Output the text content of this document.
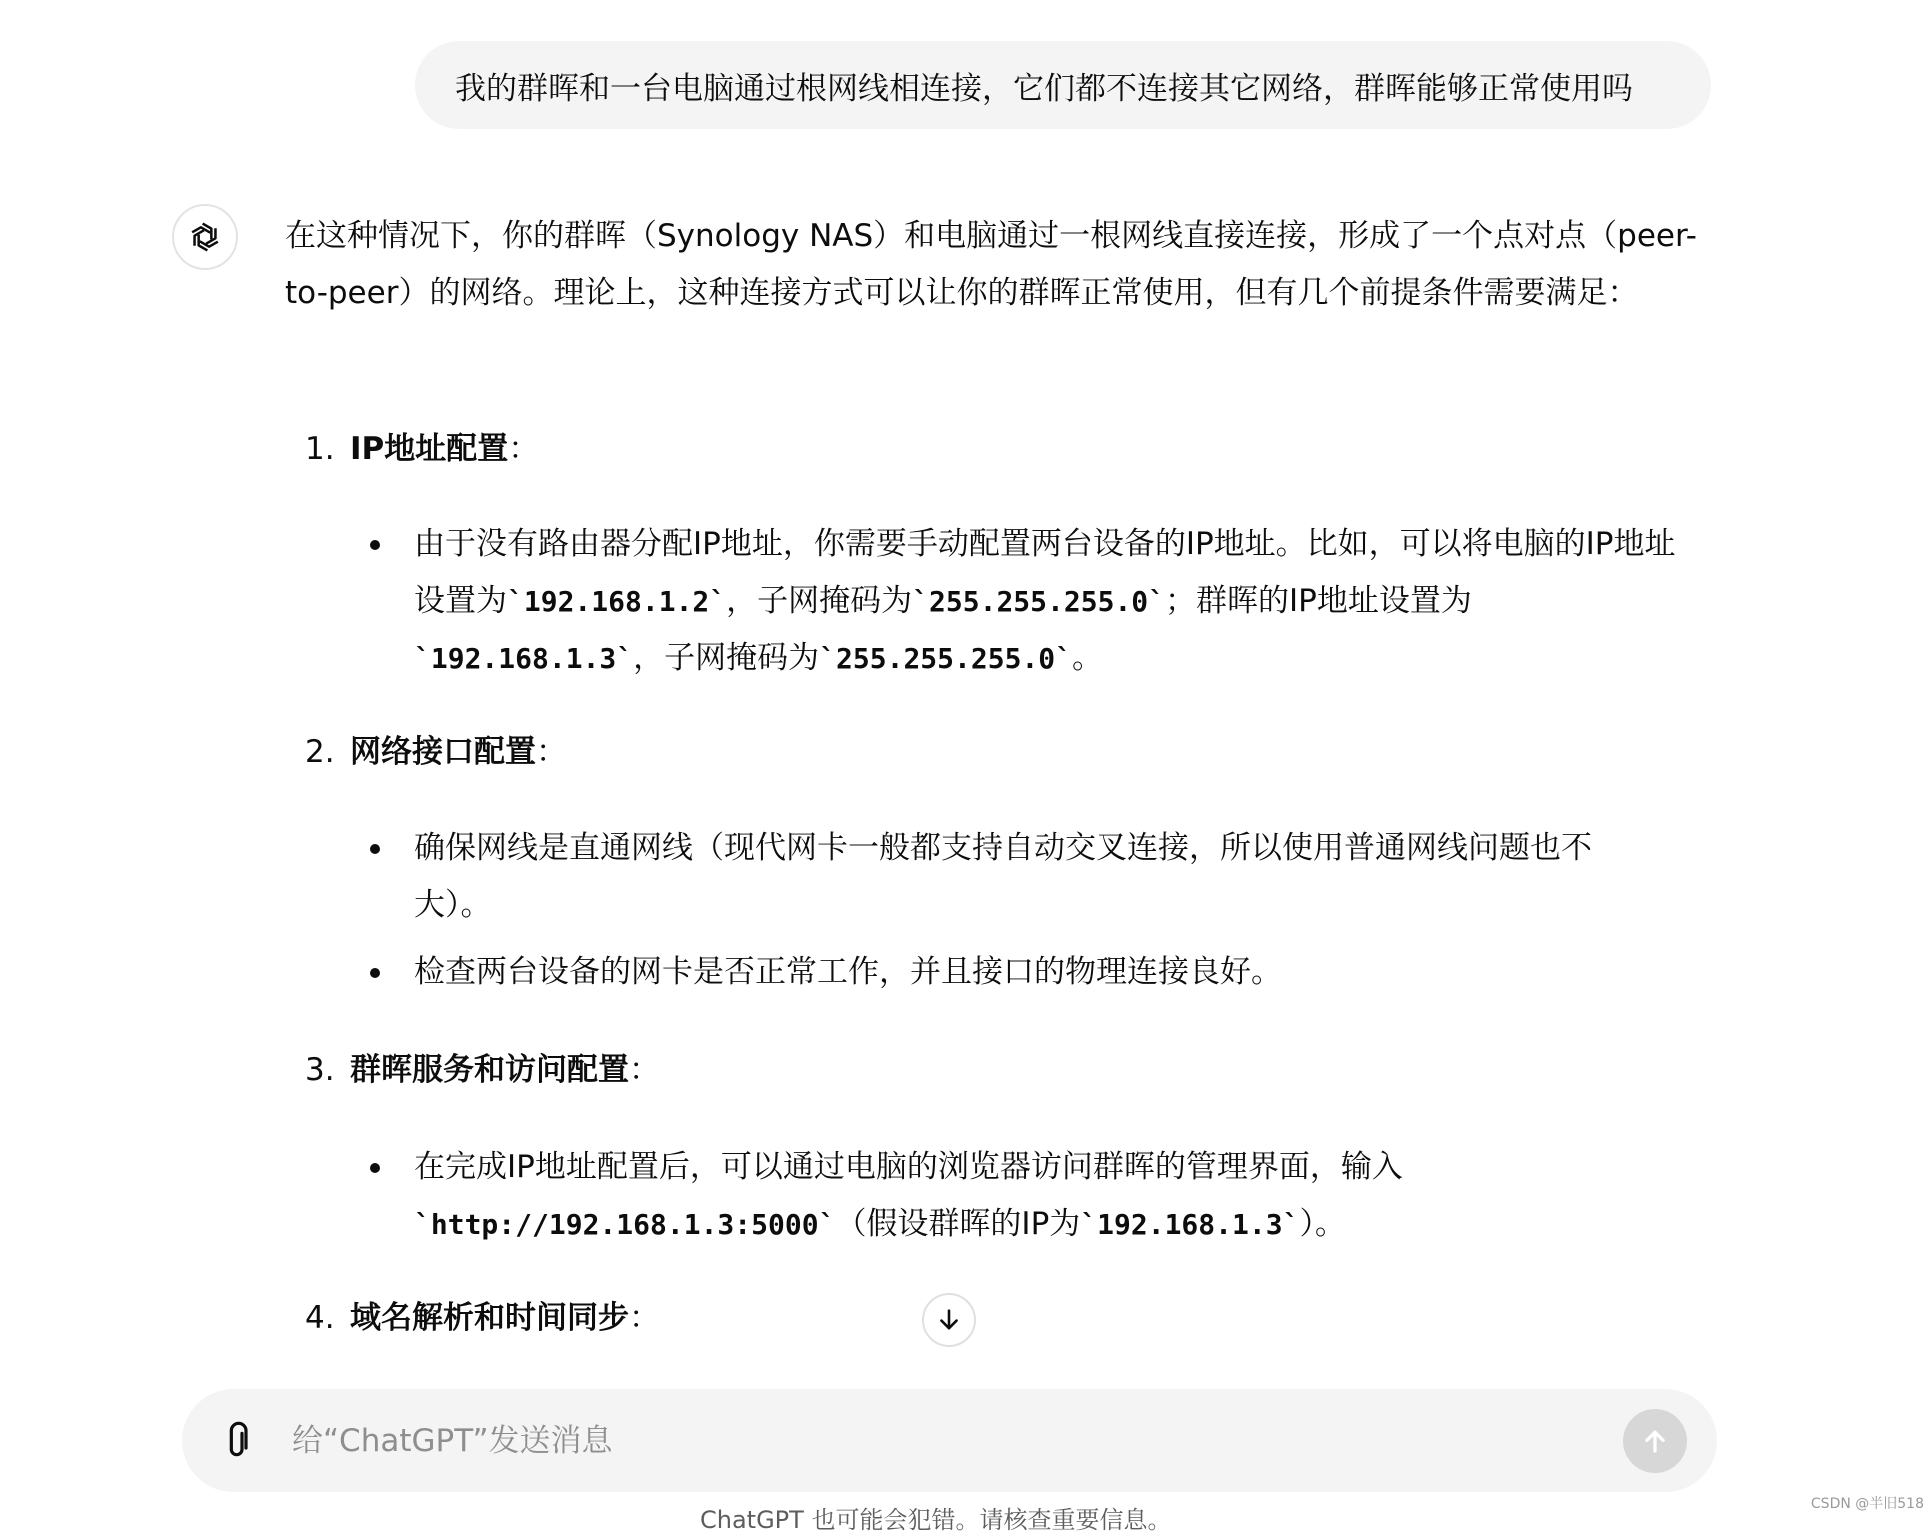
我的群晖和一台电脑通过根网线相连接，它们都不连接其它网络，群晖能够正常使用吗

在这种情况下，你的群晖（Synology NAS）和电脑通过一根网线直接连接，形成了一个点对点（peer-to-peer）的网络。理论上，这种连接方式可以让你的群晖正常使用，但有几个前提条件需要满足：

1. IP地址配置：
由于没有路由器分配IP地址，你需要手动配置两台设备的IP地址。比如，可以将电脑的IP地址设置为`192.168.1.2`，子网掩码为`255.255.255.0`；群晖的IP地址设置为
`192.168.1.3`，子网掩码为`255.255.255.0`。
2. 网络接口配置：
确保网线是直通网线（现代网卡一般都支持自动交叉连接，所以使用普通网线问题也不大）。
检查两台设备的网卡是否正常工作，并且接口的物理连接良好。
3. 群晖服务和访问配置：
在完成IP地址配置后，可以通过电脑的浏览器访问群晖的管理界面，输入
`http://192.168.1.3:5000`（假设群晖的IP为`192.168.1.3`）。
4. 域名解析和时间同步：
给“ChatGPT”发送消息
ChatGPT 也可能会犯错。请核查重要信息。
CSDN @半旧518
